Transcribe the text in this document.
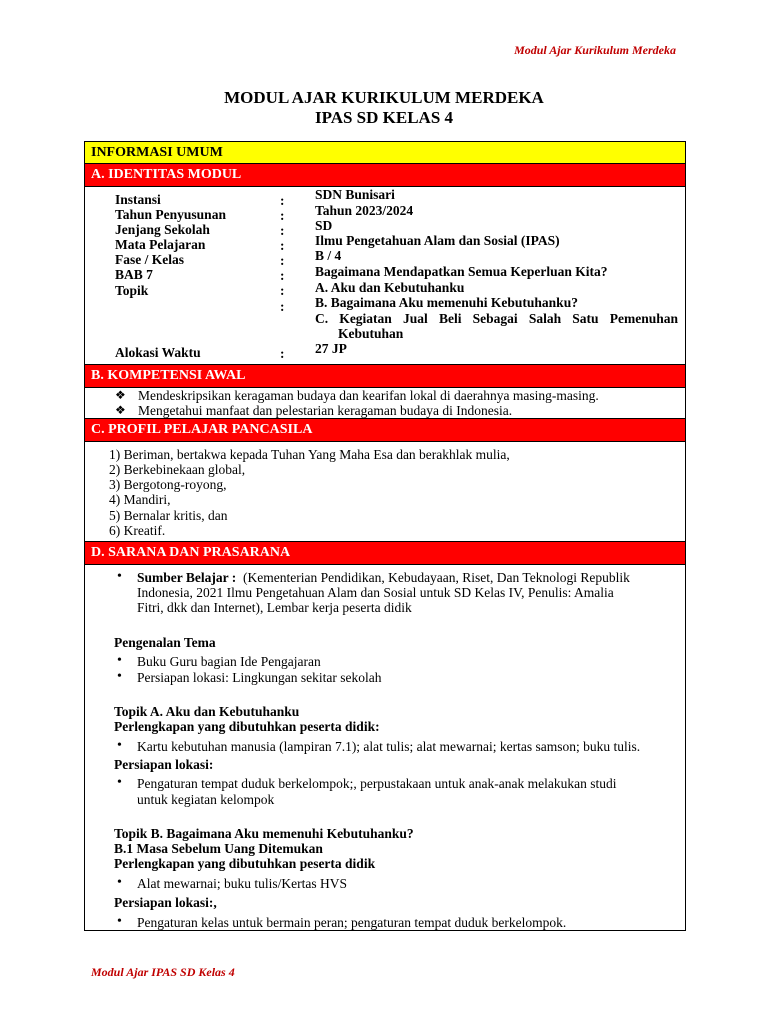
Modul Ajar Kurikulum Merdeka
MODUL AJAR KURIKULUM MERDEKA
IPAS SD KELAS 4
INFORMASI UMUM
A. IDENTITAS MODUL
Instansi
Tahun Penyusunan
Jenjang Sekolah
Mata Pelajaran
Fase / Kelas
BAB 7
Topik
Alokasi Waktu
:
:
:
:
:
:
:
:
:
SDN Bunisari
Tahun 2023/2024
SD
Ilmu Pengetahuan Alam dan Sosial (IPAS)
B / 4
Bagaimana Mendapatkan Semua Keperluan Kita?
A. Aku dan Kebutuhanku
B. Bagaimana Aku memenuhi Kebutuhanku?
C. Kegiatan Jual Beli Sebagai Salah Satu Pemenuhan
Kebutuhan
27 JP
B. KOMPETENSI AWAL
❖ Mendeskripsikan keragaman budaya dan kearifan lokal di daerahnya masing-masing.
❖ Mengetahui manfaat dan pelestarian keragaman budaya di Indonesia.
C. PROFIL PELAJAR PANCASILA
1) Beriman, bertakwa kepada Tuhan Yang Maha Esa dan berakhlak mulia,
2) Berkebinekaan global,
3) Bergotong-royong,
4) Mandiri,
5) Bernalar kritis, dan
6) Kreatif.
D. SARANA DAN PRASARANA
• Sumber Belajar : (Kementerian Pendidikan, Kebudayaan, Riset, Dan Teknologi Republik
Indonesia, 2021 Ilmu Pengetahuan Alam dan Sosial untuk SD Kelas IV, Penulis: Amalia
Fitri, dkk dan Internet), Lembar kerja peserta didik
Pengenalan Tema
• Buku Guru bagian Ide Pengajaran
• Persiapan lokasi: Lingkungan sekitar sekolah
Topik A. Aku dan Kebutuhanku
Perlengkapan yang dibutuhkan peserta didik:
• Kartu kebutuhan manusia (lampiran 7.1); alat tulis; alat mewarnai; kertas samson; buku tulis.
Persiapan lokasi:
• Pengaturan tempat duduk berkelompok;, perpustakaan untuk anak-anak melakukan studi
untuk kegiatan kelompok
Topik B. Bagaimana Aku memenuhi Kebutuhanku?
B.1 Masa Sebelum Uang Ditemukan
Perlengkapan yang dibutuhkan peserta didik
• Alat mewarnai; buku tulis/Kertas HVS
Persiapan lokasi:,
• Pengaturan kelas untuk bermain peran; pengaturan tempat duduk berkelompok.
Modul Ajar IPAS SD Kelas 4
